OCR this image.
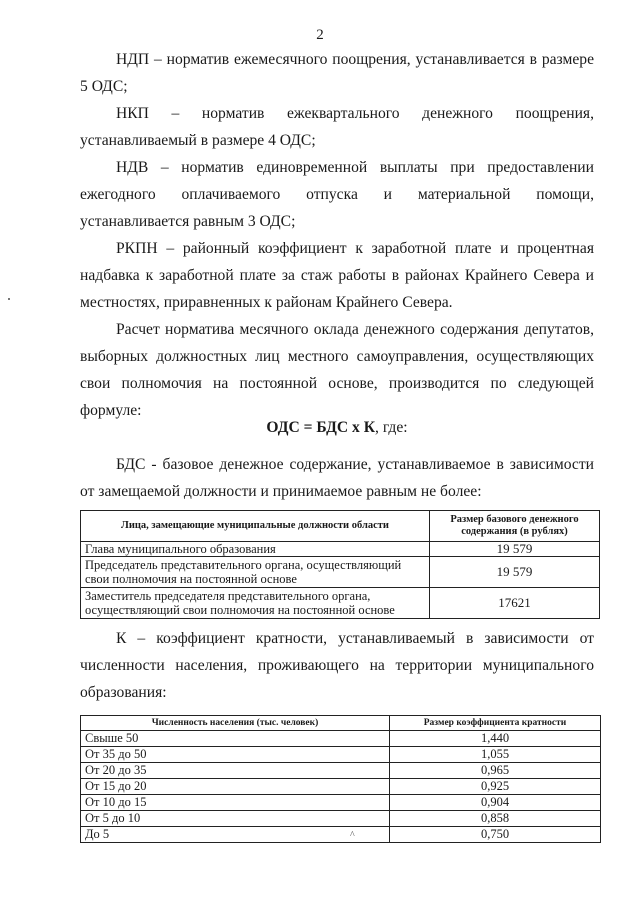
2
НДП – норматив ежемесячного поощрения, устанавливается в размере 5 ОДС;
НКП – норматив ежеквартального денежного поощрения, устанавливаемый в размере 4 ОДС;
НДВ – норматив единовременной выплаты при предоставлении ежегодного оплачиваемого отпуска и материальной помощи, устанавливается равным 3 ОДС;
РКПН – районный коэффициент к заработной плате и процентная надбавка к заработной плате за стаж работы в районах Крайнего Севера и местностях, приравненных к районам Крайнего Севера.
Расчет норматива месячного оклада денежного содержания депутатов, выборных должностных лиц местного самоуправления, осуществляющих свои полномочия на постоянной основе, производится по следующей формуле:
ОДС = БДС х К, где:
БДС - базовое денежное содержание, устанавливаемое в зависимости от замещаемой должности и принимаемое равным не более:
Лица, замещающие муниципальные должности области	Размер базового денежного содержания (в рублях)
Глава муниципального образования	19 579
Председатель представительного органа, осуществляющий свои полномочия на постоянной основе	19 579
Заместитель председателя представительного органа, осуществляющий свои полномочия на постоянной основе	17621
К – коэффициент кратности, устанавливаемый в зависимости от численности населения, проживающего на территории муниципального образования:
Численность населения (тыс. человек)	Размер коэффициента кратности
Свыше 50	1,440
От 35 до 50	1,055
От 20 до 35	0,965
От 15 до 20	0,925
От 10 до 15	0,904
От 5 до 10	0,858
До 5	0,750
^
